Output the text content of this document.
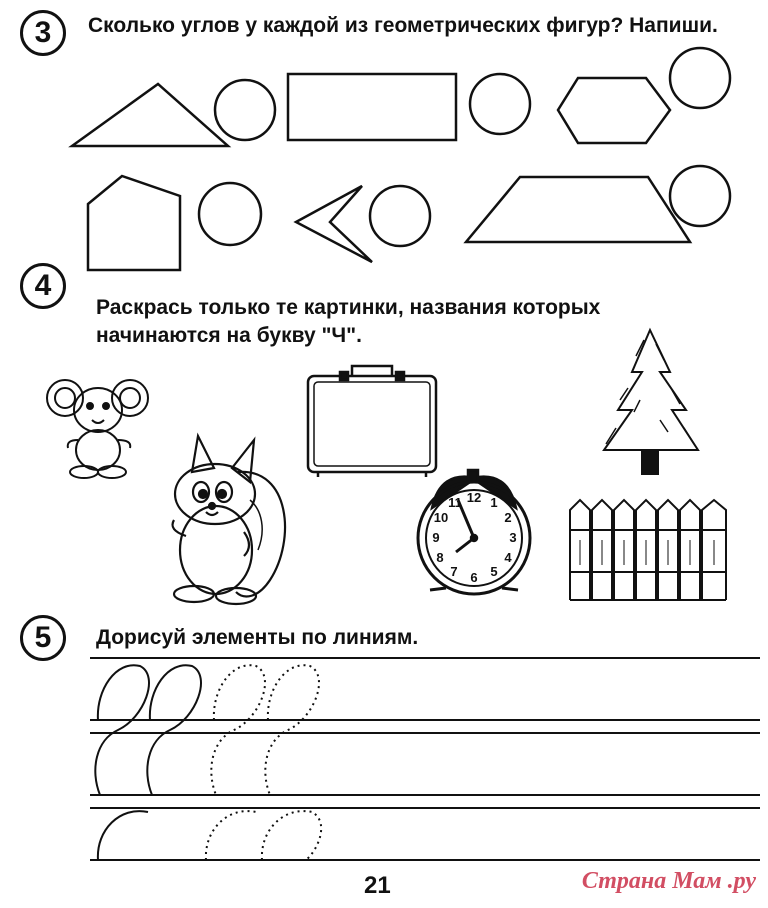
3	Сколько углов у каждой из геометрических фигур? Напиши.

4

Раскрась только те картинки, названия которых

начинаются на букву "Ч".

5	Дорисуй элементы по линиям.

12 1
2
3
4
5
6
7
8
9
10
11
21	Страна Мам .ру
